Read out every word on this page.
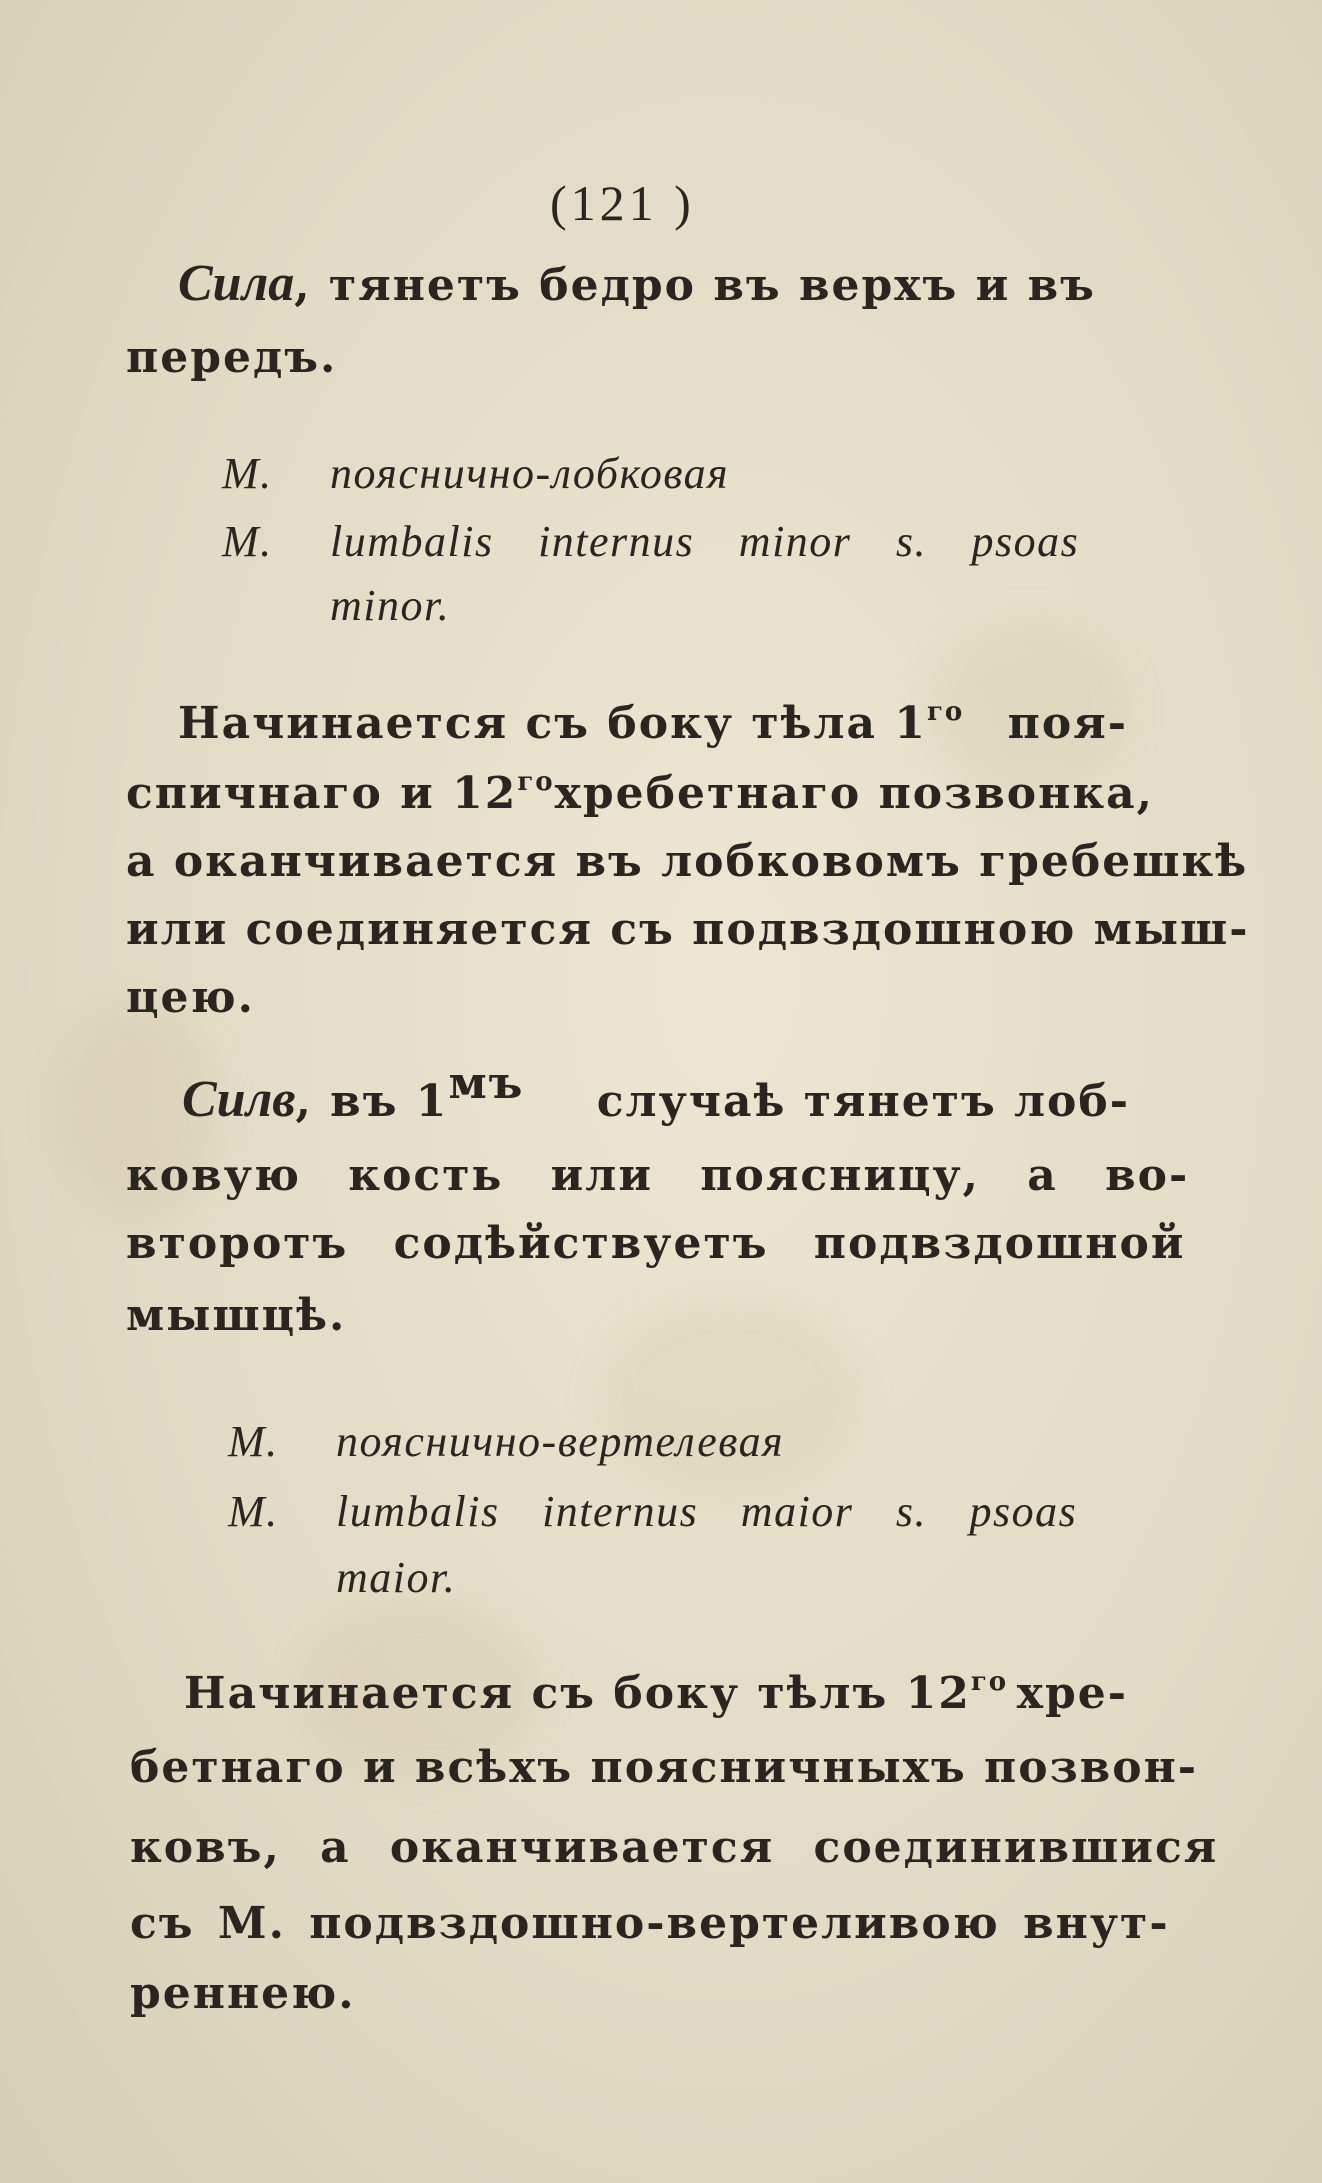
(121 )
Сила, тянетъ бедро въ верхъ и въ
передъ.
М. поясничнo-лобковая
М. lumbalis internus minor s. psoas
minor.
Начинается съ боку тѣла $1^{го}$ поя-
спичнаго и $12^{го}$ хребетнаго позвонка,
а оканчивается въ лобковомъ гребешкѣ
или соединяется съ подвздошною мыш-
цею.
Силв, въ $1^{мъ}$ случаѣ тянетъ лоб-
ковую кость или поясницу, а во-
второтъ содѣйствуетъ подвздошной
мышцѣ.
М. пояснично-вертелевая
М. lumbalis internus maior s. psoas
maior.
Начинается съ боку тѣлъ $12^{го}$ хре-
бетнаго и всѣхъ поясничныхъ позвон-
ковъ, а оканчивается соединившися
съ М. подвздошно-вертеливою внут-
реннею.
